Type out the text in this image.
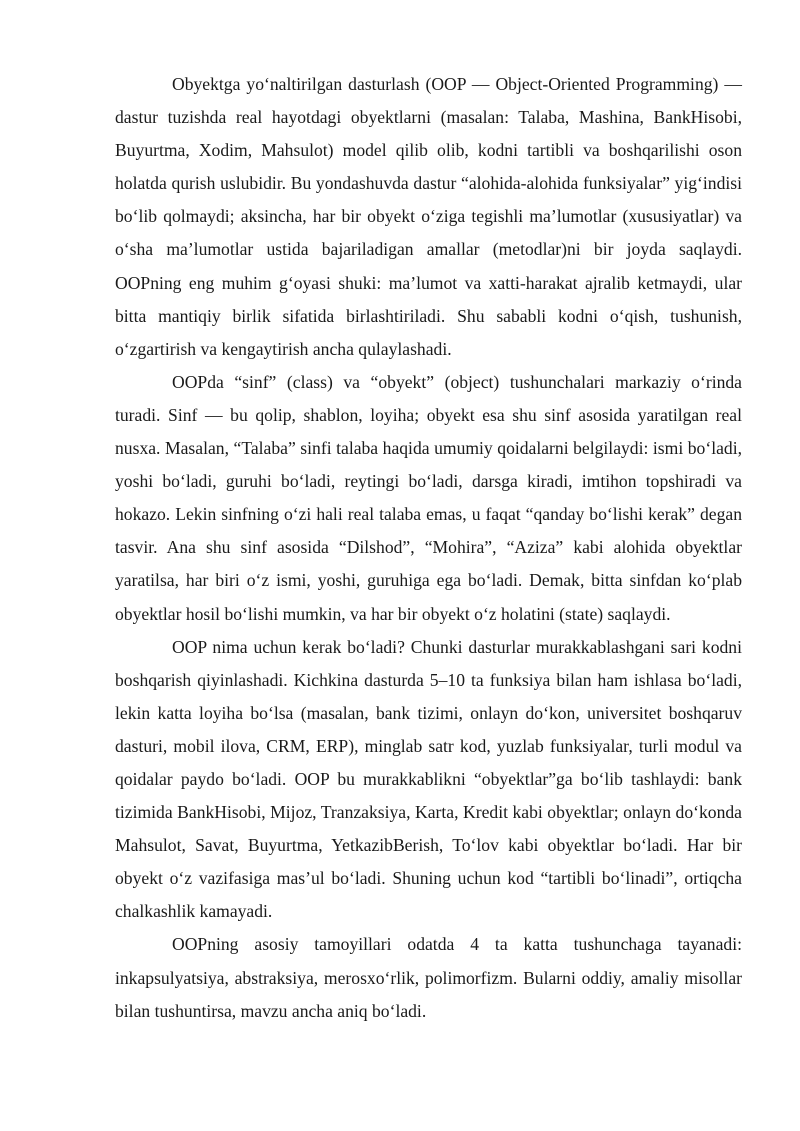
Obyektga yo‘naltirilgan dasturlash (OOP — Object-Oriented Programming) — dastur tuzishda real hayotdagi obyektlarni (masalan: Talaba, Mashina, BankHisobi, Buyurtma, Xodim, Mahsulot) model qilib olib, kodni tartibli va boshqarilishi oson holatda qurish uslubidir. Bu yondashuvda dastur “alohida-alohida funksiyalar” yig‘indisi bo‘lib qolmaydi; aksincha, har bir obyekt o‘ziga tegishli ma’lumotlar (xususiyatlar) va o‘sha ma’lumotlar ustida bajariladigan amallar (metodlar)ni bir joyda saqlaydi. OOPning eng muhim g‘oyasi shuki: ma’lumot va xatti-harakat ajralib ketmaydi, ular bitta mantiqiy birlik sifatida birlashtiriladi. Shu sababli kodni o‘qish, tushunish, o‘zgartirish va kengaytirish ancha qulaylashadi.

OOPda “sinf” (class) va “obyekt” (object) tushunchalari markaziy o‘rinda turadi. Sinf — bu qolip, shablon, loyiha; obyekt esa shu sinf asosida yaratilgan real nusxa. Masalan, “Talaba” sinfi talaba haqida umumiy qoidalarni belgilaydi: ismi bo‘ladi, yoshi bo‘ladi, guruhi bo‘ladi, reytingi bo‘ladi, darsga kiradi, imtihon topshiradi va hokazo. Lekin sinfning o‘zi hali real talaba emas, u faqat “qanday bo‘lishi kerak” degan tasvir. Ana shu sinf asosida “Dilshod”, “Mohira”, “Aziza” kabi alohida obyektlar yaratilsa, har biri o‘z ismi, yoshi, guruhiga ega bo‘ladi. Demak, bitta sinfdan ko‘plab obyektlar hosil bo‘lishi mumkin, va har bir obyekt o‘z holatini (state) saqlaydi.

OOP nima uchun kerak bo‘ladi? Chunki dasturlar murakkablashgani sari kodni boshqarish qiyinlashadi. Kichkina dasturda 5–10 ta funksiya bilan ham ishlasa bo‘ladi, lekin katta loyiha bo‘lsa (masalan, bank tizimi, onlayn do‘kon, universitet boshqaruv dasturi, mobil ilova, CRM, ERP), minglab satr kod, yuzlab funksiyalar, turli modul va qoidalar paydo bo‘ladi. OOP bu murakkablikni “obyektlar”ga bo‘lib tashlaydi: bank tizimida BankHisobi, Mijoz, Tranzaksiya, Karta, Kredit kabi obyektlar; onlayn do‘konda Mahsulot, Savat, Buyurtma, YetkazibBerish, To‘lov kabi obyektlar bo‘ladi. Har bir obyekt o‘z vazifasiga mas’ul bo‘ladi. Shuning uchun kod “tartibli bo‘linadi”, ortiqcha chalkashlik kamayadi.

OOPning asosiy tamoyillari odatda 4 ta katta tushunchaga tayanadi: inkapsulyatsiya, abstraksiya, merosxo‘rlik, polimorfizm. Bularni oddiy, amaliy misollar bilan tushuntirsa, mavzu ancha aniq bo‘ladi.
